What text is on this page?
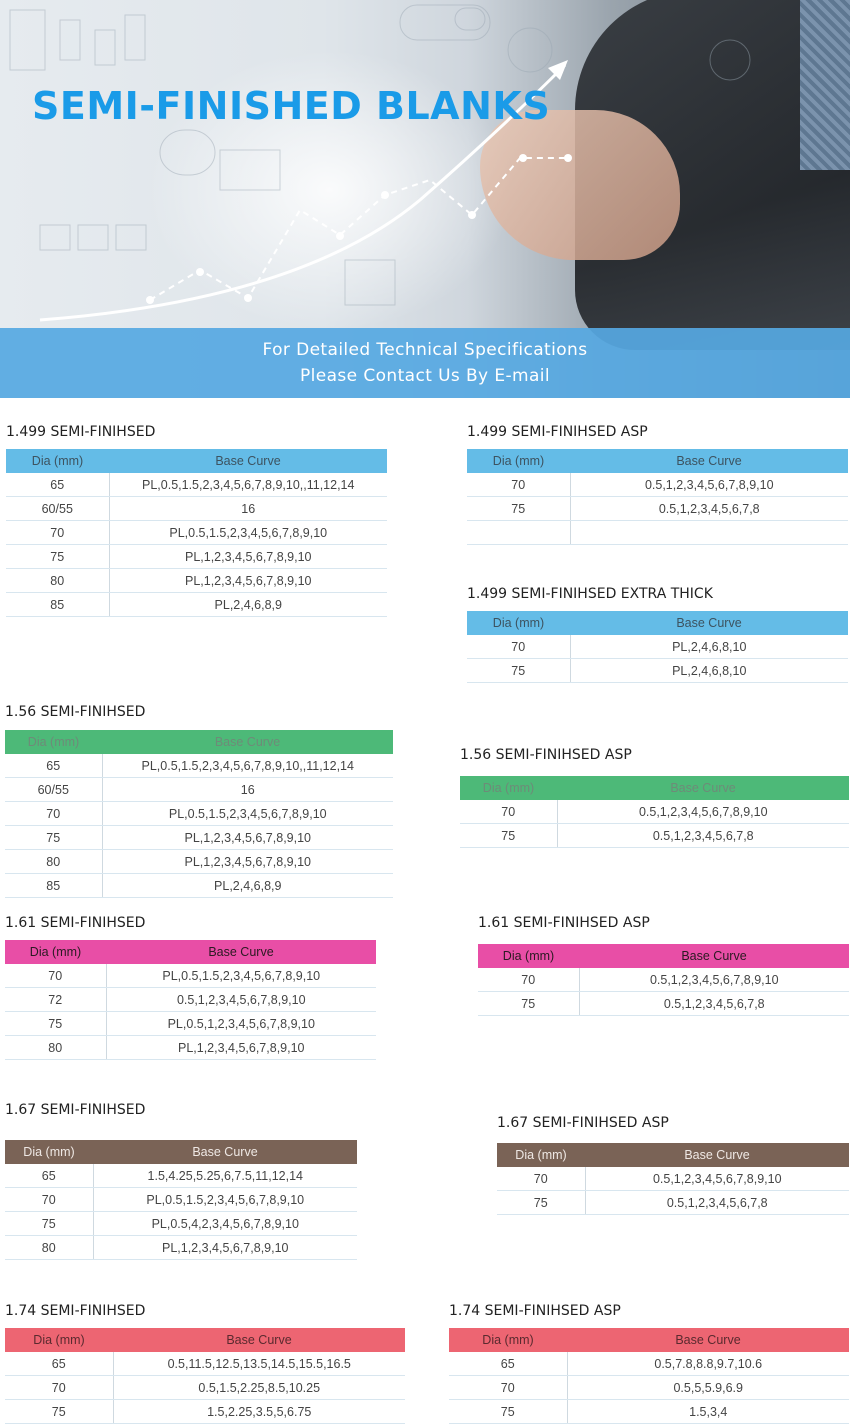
SEMI-FINISHED BLANKS
For Detailed Technical Specifications
Please Contact Us By E-mail
1.499 SEMI-FINIHSED
Dia (mm)	Base Curve
65	PL,0.5,1.5,2,3,4,5,6,7,8,9,10,,11,12,14
60/55	16
70	PL,0.5,1.5,2,3,4,5,6,7,8,9,10
75	PL,1,2,3,4,5,6,7,8,9,10
80	PL,1,2,3,4,5,6,7,8,9,10
85	PL,2,4,6,8,9
1.499 SEMI-FINIHSED ASP
Dia (mm)	Base Curve
70	0.5,1,2,3,4,5,6,7,8,9,10
75	0.5,1,2,3,4,5,6,7,8

1.499 SEMI-FINIHSED EXTRA THICK
Dia (mm)	Base Curve
70	PL,2,4,6,8,10
75	PL,2,4,6,8,10
1.56 SEMI-FINIHSED
Dia (mm)	Base Curve
65	PL,0.5,1.5,2,3,4,5,6,7,8,9,10,,11,12,14
60/55	16
70	PL,0.5,1.5,2,3,4,5,6,7,8,9,10
75	PL,1,2,3,4,5,6,7,8,9,10
80	PL,1,2,3,4,5,6,7,8,9,10
85	PL,2,4,6,8,9
1.56 SEMI-FINIHSED ASP
Dia (mm)	Base Curve
70	0.5,1,2,3,4,5,6,7,8,9,10
75	0.5,1,2,3,4,5,6,7,8
1.61 SEMI-FINIHSED
Dia (mm)	Base Curve
70	PL,0.5,1.5,2,3,4,5,6,7,8,9,10
72	0.5,1,2,3,4,5,6,7,8,9,10
75	PL,0.5,1,2,3,4,5,6,7,8,9,10
80	PL,1,2,3,4,5,6,7,8,9,10
1.61 SEMI-FINIHSED ASP
Dia (mm)	Base Curve
70	0.5,1,2,3,4,5,6,7,8,9,10
75	0.5,1,2,3,4,5,6,7,8
1.67 SEMI-FINIHSED
Dia (mm)	Base Curve
65	1.5,4.25,5.25,6,7.5,11,12,14
70	PL,0.5,1.5,2,3,4,5,6,7,8,9,10
75	PL,0.5,4,2,3,4,5,6,7,8,9,10
80	PL,1,2,3,4,5,6,7,8,9,10
1.67 SEMI-FINIHSED ASP
Dia (mm)	Base Curve
70	0.5,1,2,3,4,5,6,7,8,9,10
75	0.5,1,2,3,4,5,6,7,8
1.74 SEMI-FINIHSED
Dia (mm)	Base Curve
65	0.5,11.5,12.5,13.5,14.5,15.5,16.5
70	0.5,1.5,2.25,8.5,10.25
75	1.5,2.25,3.5,5,6.75
1.74 SEMI-FINIHSED ASP
Dia (mm)	Base Curve
65	0.5,7.8,8.8,9.7,10.6
70	0.5,5,5.9,6.9
75	1.5,3,4
